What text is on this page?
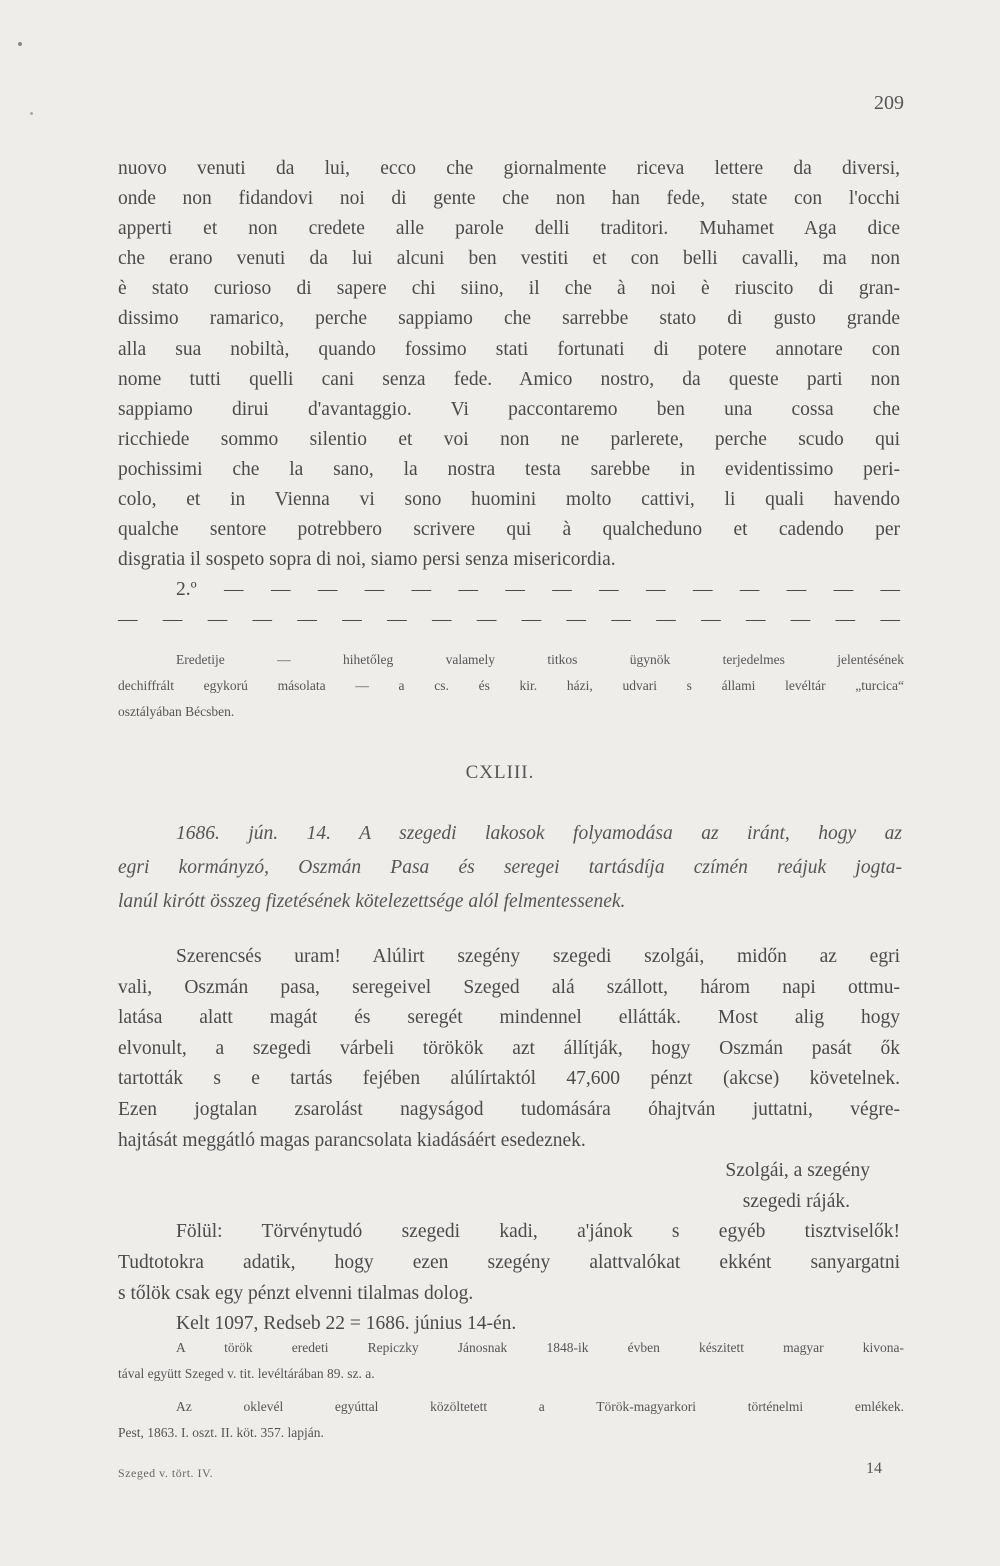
209
nuovo venuti da lui, ecco che giornalmente riceva lettere da diversi,
onde non fidandovi noi di gente che non han fede, state con l'occhi
apperti et non credete alle parole delli traditori. Muhamet Aga dice
che erano venuti da lui alcuni ben vestiti et con belli cavalli, ma non
è stato curioso di sapere chi siino, il che à noi è riuscito di gran-
dissimo ramarico, perche sappiamo che sarrebbe stato di gusto grande
alla sua nobiltà, quando fossimo stati fortunati di potere annotare con
nome tutti quelli cani senza fede. Amico nostro, da queste parti non
sappiamo dirui d'avantaggio. Vi paccontaremo ben una cossa che
ricchiede sommo silentio et voi non ne parlerete, perche scudo qui
pochissimi che la sano, la nostra testa sarebbe in evidentissimo peri-
colo, et in Vienna vi sono huomini molto cattivi, li quali havendo
qualche sentore potrebbero scrivere qui à qualcheduno et cadendo per
disgratia il sospeto sopra di noi, siamo persi senza misericordia.
2.º — — — — — — — — — — — — — — —
— — — — — — — — — — — — — — — — — —
Eredetije — hihetőleg valamely titkos ügynök terjedelmes jelentésének
dechiffrált egykorú másolata — a cs. és kir. házi, udvari s állami levéltár „turcica“
osztályában Bécsben.
CXLIII.
1686. jún. 14. A szegedi lakosok folyamodása az iránt, hogy az
egri kormányzó, Oszmán Pasa és seregei tartásdíja czímén reájuk jogta-
lanúl kirótt összeg fizetésének kötelezettsége alól felmentessenek.
Szerencsés uram! Alúlirt szegény szegedi szolgái, midőn az egri
vali, Oszmán pasa, seregeivel Szeged alá szállott, három napi ottmu-
latása alatt magát és seregét mindennel ellátták. Most alig hogy
elvonult, a szegedi várbeli törökök azt állítják, hogy Oszmán pasát ők
tartották s e tartás fejében alúlírtaktól 47,600 pénzt (akcse) követelnek.
Ezen jogtalan zsarolást nagyságod tudomására óhajtván juttatni, végre-
hajtását meggátló magas parancsolata kiadásáért esedeznek.
Szolgái, a szegény
szegedi ráják.
Fölül: Törvénytudó szegedi kadi, a'jánok s egyéb tisztviselők!
Tudtotokra adatik, hogy ezen szegény alattvalókat ekként sanyargatni
s tőlök csak egy pénzt elvenni tilalmas dolog.
Kelt 1097, Redseb 22 = 1686. június 14-én.
A török eredeti Repiczky Jánosnak 1848-ik évben készitett magyar kivona-
tával együtt Szeged v. tit. levéltárában 89. sz. a.
Az oklevél egyúttal közöltetett a Török-magyarkori történelmi emlékek.
Pest, 1863. I. oszt. II. köt. 357. lapján.
Szeged v. tört. IV.	14
